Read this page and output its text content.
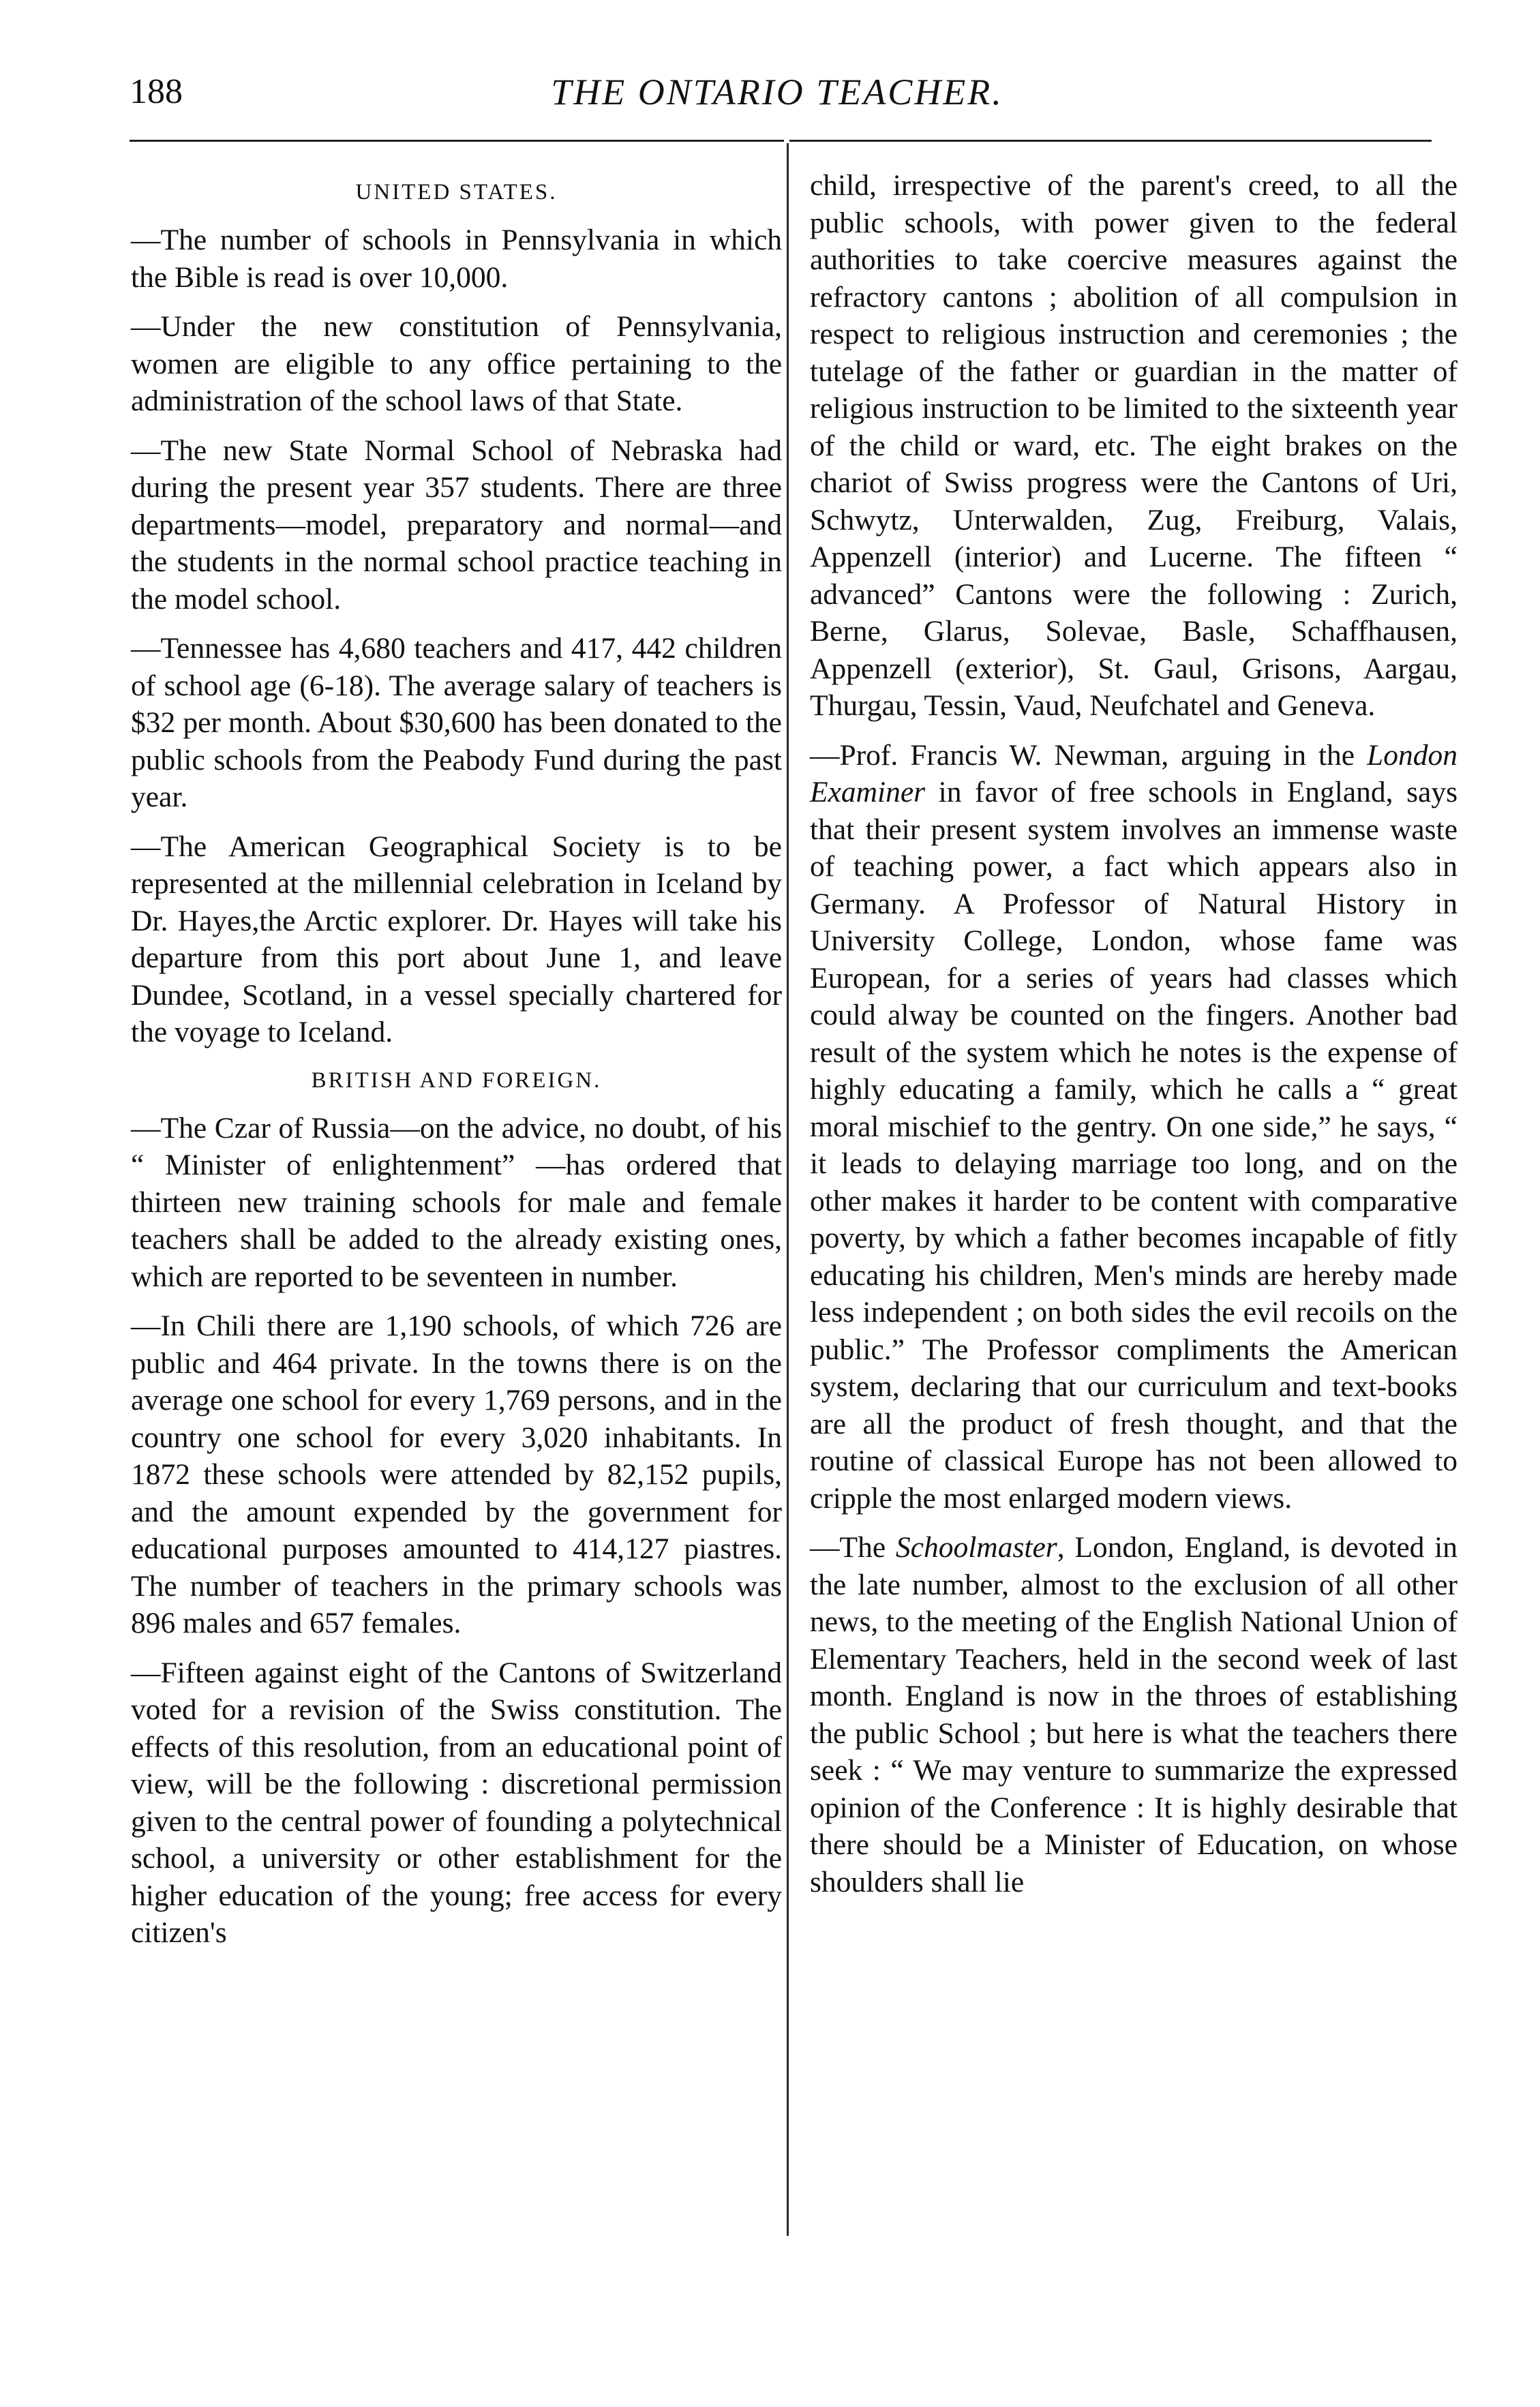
188	THE ONTARIO TEACHER.
UNITED STATES.

—The number of schools in Pennsylvania in which the Bible is read is over 10,000.

—Under the new constitution of Pennsylvania, women are eligible to any office pertaining to the administration of the school laws of that State.

—The new State Normal School of Nebraska had during the present year 357 students. There are three departments—model, preparatory and normal—and the students in the normal school practice teaching in the model school.

—Tennessee has 4,680 teachers and 417, 442 children of school age (6-18). The average salary of teachers is $32 per month. About $30,600 has been donated to the public schools from the Peabody Fund during the past year.

—The American Geographical Society is to be represented at the millennial celebration in Iceland by Dr. Hayes,the Arctic explorer. Dr. Hayes will take his departure from this port about June 1, and leave Dundee, Scotland, in a vessel specially chartered for the voyage to Iceland.

BRITISH AND FOREIGN.

—The Czar of Russia—on the advice, no doubt, of his “ Minister of enlightenment” —has ordered that thirteen new training schools for male and female teachers shall be added to the already existing ones, which are reported to be seventeen in number.

—In Chili there are 1,190 schools, of which 726 are public and 464 private. In the towns there is on the average one school for every 1,769 persons, and in the country one school for every 3,020 inhabitants. In 1872 these schools were attended by 82,152 pupils, and the amount expended by the government for educational purposes amounted to 414,127 piastres. The number of teachers in the primary schools was 896 males and 657 females.

—Fifteen against eight of the Cantons of Switzerland voted for a revision of the Swiss constitution. The effects of this resolution, from an educational point of view, will be the following : discretional permission given to the central power of founding a polytechnical school, a university or other establishment for the higher education of the young; free access for every citizen's

child, irrespective of the parent's creed, to all the public schools, with power given to the federal authorities to take coercive measures against the refractory cantons ; abolition of all compulsion in respect to religious instruction and ceremonies ; the tutelage of the father or guardian in the matter of religious instruction to be limited to the sixteenth year of the child or ward, etc. The eight brakes on the chariot of Swiss progress were the Cantons of Uri, Schwytz, Unterwalden, Zug, Freiburg, Valais, Appenzell (interior) and Lucerne. The fifteen “ advanced” Cantons were the following : Zurich, Berne, Glarus, Solevae, Basle, Schaffhausen, Appenzell (exterior), St. Gaul, Grisons, Aargau, Thurgau, Tessin, Vaud, Neufchatel and Geneva.

—Prof. Francis W. Newman, arguing in the London Examiner in favor of free schools in England, says that their present system involves an immense waste of teaching power, a fact which appears also in Germany. A Professor of Natural History in University College, London, whose fame was European, for a series of years had classes which could alway be counted on the fingers. Another bad result of the system which he notes is the expense of highly educating a family, which he calls a “ great moral mischief to the gentry. On one side,” he says, “ it leads to delaying marriage too long, and on the other makes it harder to be content with comparative poverty, by which a father becomes incapable of fitly educating his children, Men's minds are hereby made less independent ; on both sides the evil recoils on the public.” The Professor compliments the American system, declaring that our curriculum and text-books are all the product of fresh thought, and that the routine of classical Europe has not been allowed to cripple the most enlarged modern views.

—The Schoolmaster, London, England, is devoted in the late number, almost to the exclusion of all other news, to the meeting of the English National Union of Elementary Teachers, held in the second week of last month. England is now in the throes of establishing the public School ; but here is what the teachers there seek : “ We may venture to summarize the expressed opinion of the Conference : It is highly desirable that there should be a Minister of Education, on whose shoulders shall lie
